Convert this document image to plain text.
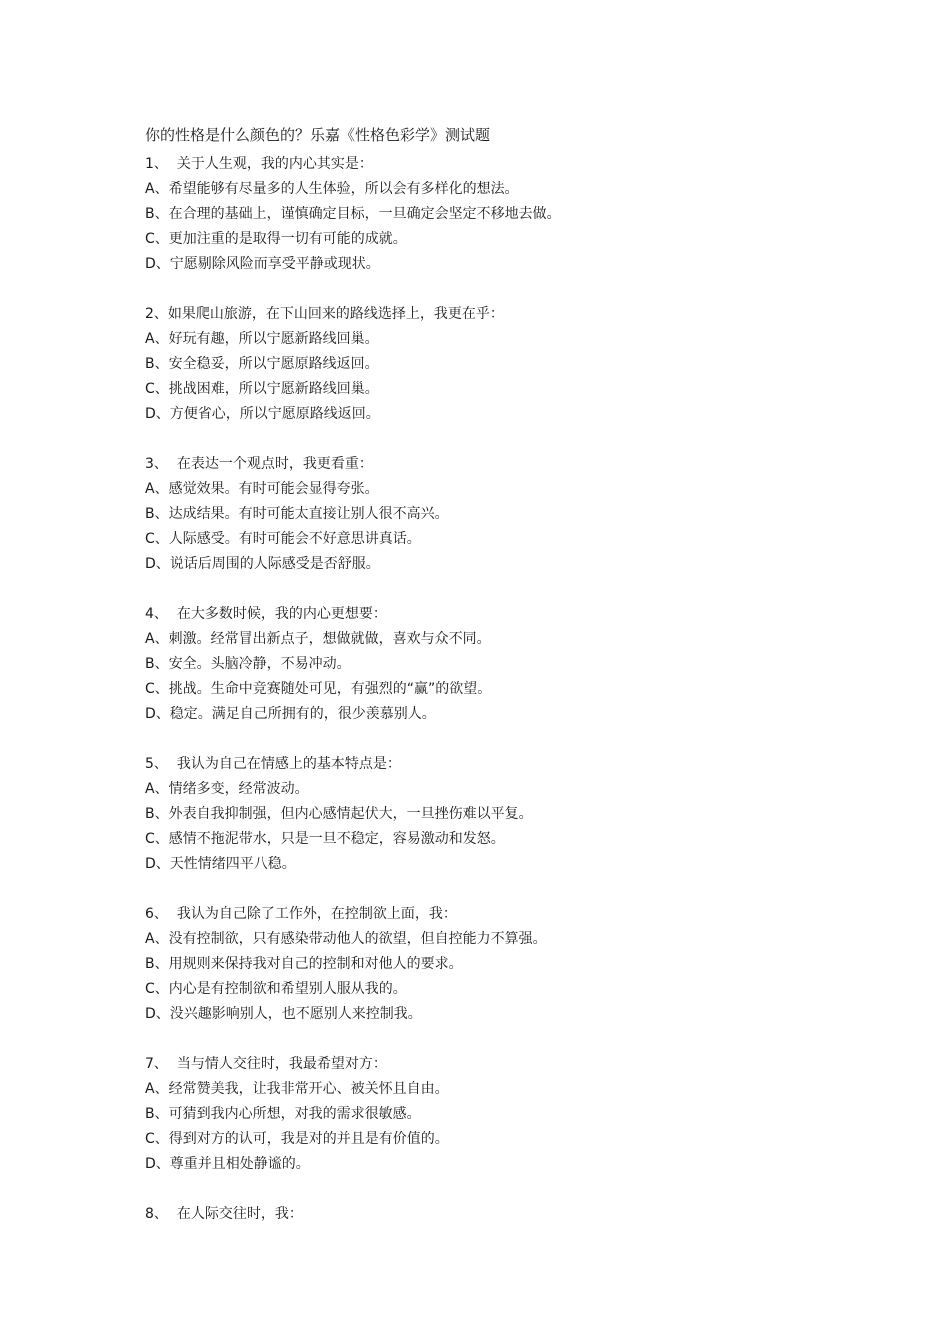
你的性格是什么颜色的？乐嘉《性格色彩学》测试题
1、  关于人生观，我的内心其实是：
A、希望能够有尽量多的人生体验，所以会有多样化的想法。
B、在合理的基础上，谨慎确定目标，一旦确定会坚定不移地去做。
C、更加注重的是取得一切有可能的成就。
D、宁愿剔除风险而享受平静或现状。
2、如果爬山旅游，在下山回来的路线选择上，我更在乎：
A、好玩有趣，所以宁愿新路线回巢。
B、安全稳妥，所以宁愿原路线返回。
C、挑战困难，所以宁愿新路线回巢。
D、方便省心，所以宁愿原路线返回。
3、  在表达一个观点时，我更看重：
A、感觉效果。有时可能会显得夸张。
B、达成结果。有时可能太直接让别人很不高兴。
C、人际感受。有时可能会不好意思讲真话。
D、说话后周围的人际感受是否舒服。
4、  在大多数时候，我的内心更想要：
A、刺激。经常冒出新点子，想做就做，喜欢与众不同。
B、安全。头脑冷静，不易冲动。
C、挑战。生命中竞赛随处可见，有强烈的“赢”的欲望。
D、稳定。满足自己所拥有的，很少羡慕别人。
5、  我认为自己在情感上的基本特点是：
A、情绪多变，经常波动。
B、外表自我抑制强，但内心感情起伏大，一旦挫伤难以平复。
C、感情不拖泥带水，只是一旦不稳定，容易激动和发怒。
D、天性情绪四平八稳。
6、  我认为自己除了工作外，在控制欲上面，我：
A、没有控制欲，只有感染带动他人的欲望，但自控能力不算强。
B、用规则来保持我对自己的控制和对他人的要求。
C、内心是有控制欲和希望别人服从我的。
D、没兴趣影响别人，也不愿别人来控制我。
7、  当与情人交往时，我最希望对方：
A、经常赞美我，让我非常开心、被关怀且自由。
B、可猜到我内心所想，对我的需求很敏感。
C、得到对方的认可，我是对的并且是有价值的。
D、尊重并且相处静谧的。
8、  在人际交往时，我：
